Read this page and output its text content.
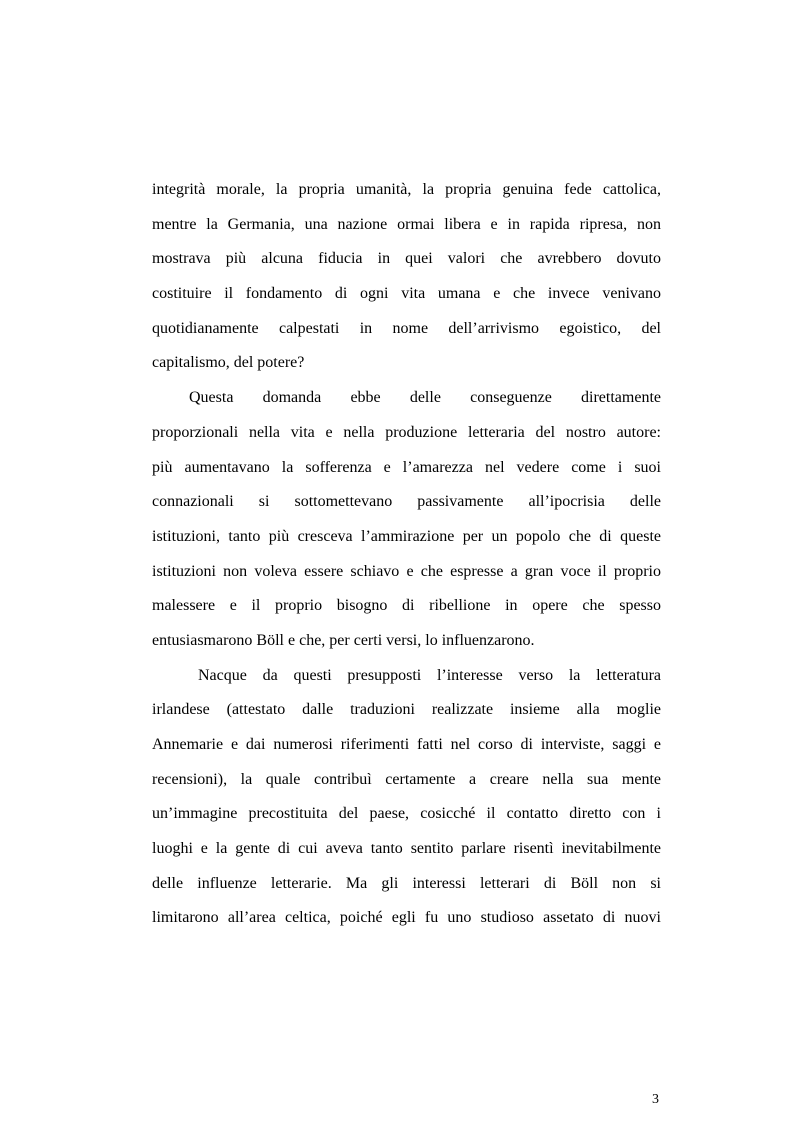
integrità morale, la propria umanità, la propria genuina fede cattolica,
mentre la Germania, una nazione ormai libera e in rapida ripresa, non
mostrava più alcuna fiducia in quei valori che avrebbero dovuto
costituire il fondamento di ogni vita umana e che invece venivano
quotidianamente calpestati in nome dell’arrivismo egoistico, del
capitalismo, del potere?
Questa domanda ebbe delle conseguenze direttamente
proporzionali nella vita e nella produzione letteraria del nostro autore:
più aumentavano la sofferenza e l’amarezza nel vedere come i suoi
connazionali si sottomettevano passivamente all’ipocrisia delle
istituzioni, tanto più cresceva l’ammirazione per un popolo che di queste
istituzioni non voleva essere schiavo e che espresse a gran voce il proprio
malessere e il proprio bisogno di ribellione in opere che spesso
entusiasmarono Böll e che, per certi versi, lo influenzarono.
Nacque da questi presupposti l’interesse verso la letteratura
irlandese (attestato dalle traduzioni realizzate insieme alla moglie
Annemarie e dai numerosi riferimenti fatti nel corso di interviste, saggi e
recensioni), la quale contribuì certamente a creare nella sua mente
un’immagine precostituita del paese, cosicché il contatto diretto con i
luoghi e la gente di cui aveva tanto sentito parlare risentì inevitabilmente
delle influenze letterarie. Ma gli interessi letterari di Böll non si
limitarono all’area celtica, poiché egli fu uno studioso assetato di nuovi
3
